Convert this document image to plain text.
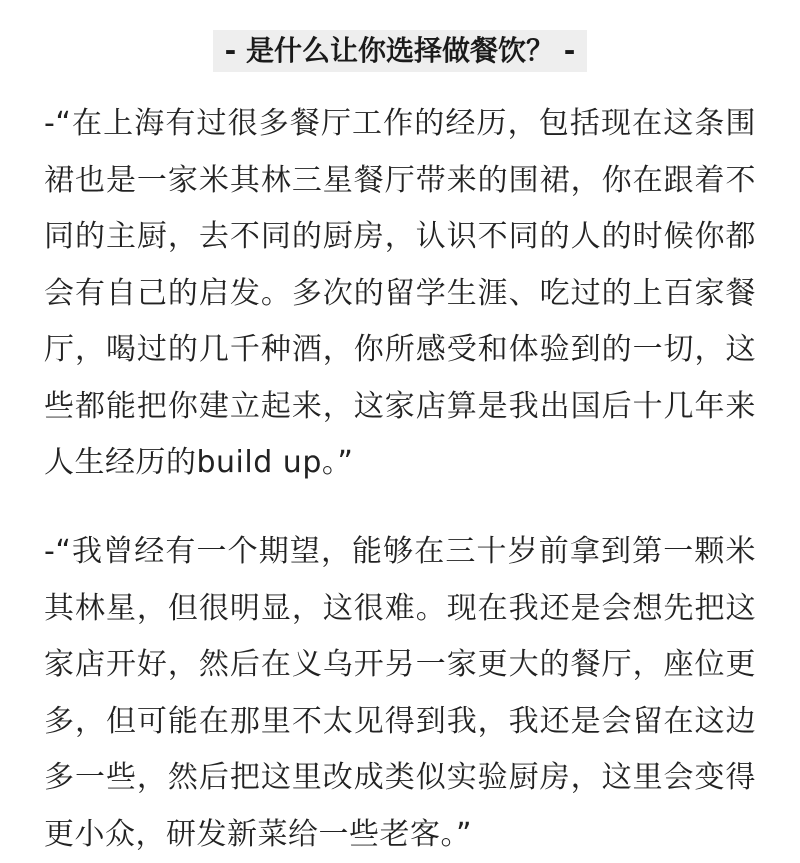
- 是什么让你选择做餐饮？ -

-“在上海有过很多餐厅工作的经历，包括现在这条围裙也是一家米其林三星餐厅带来的围裙，你在跟着不同的主厨，去不同的厨房，认识不同的人的时候你都会有自己的启发。多次的留学生涯、吃过的上百家餐厅，喝过的几千种酒，你所感受和体验到的一切，这些都能把你建立起来，这家店算是我出国后十几年来人生经历的build up。”

-“我曾经有一个期望，能够在三十岁前拿到第一颗米其林星，但很明显，这很难。现在我还是会想先把这家店开好，然后在义乌开另一家更大的餐厅，座位更多，但可能在那里不太见得到我，我还是会留在这边多一些，然后把这里改成类似实验厨房，这里会变得更小众，研发新菜给一些老客。”
